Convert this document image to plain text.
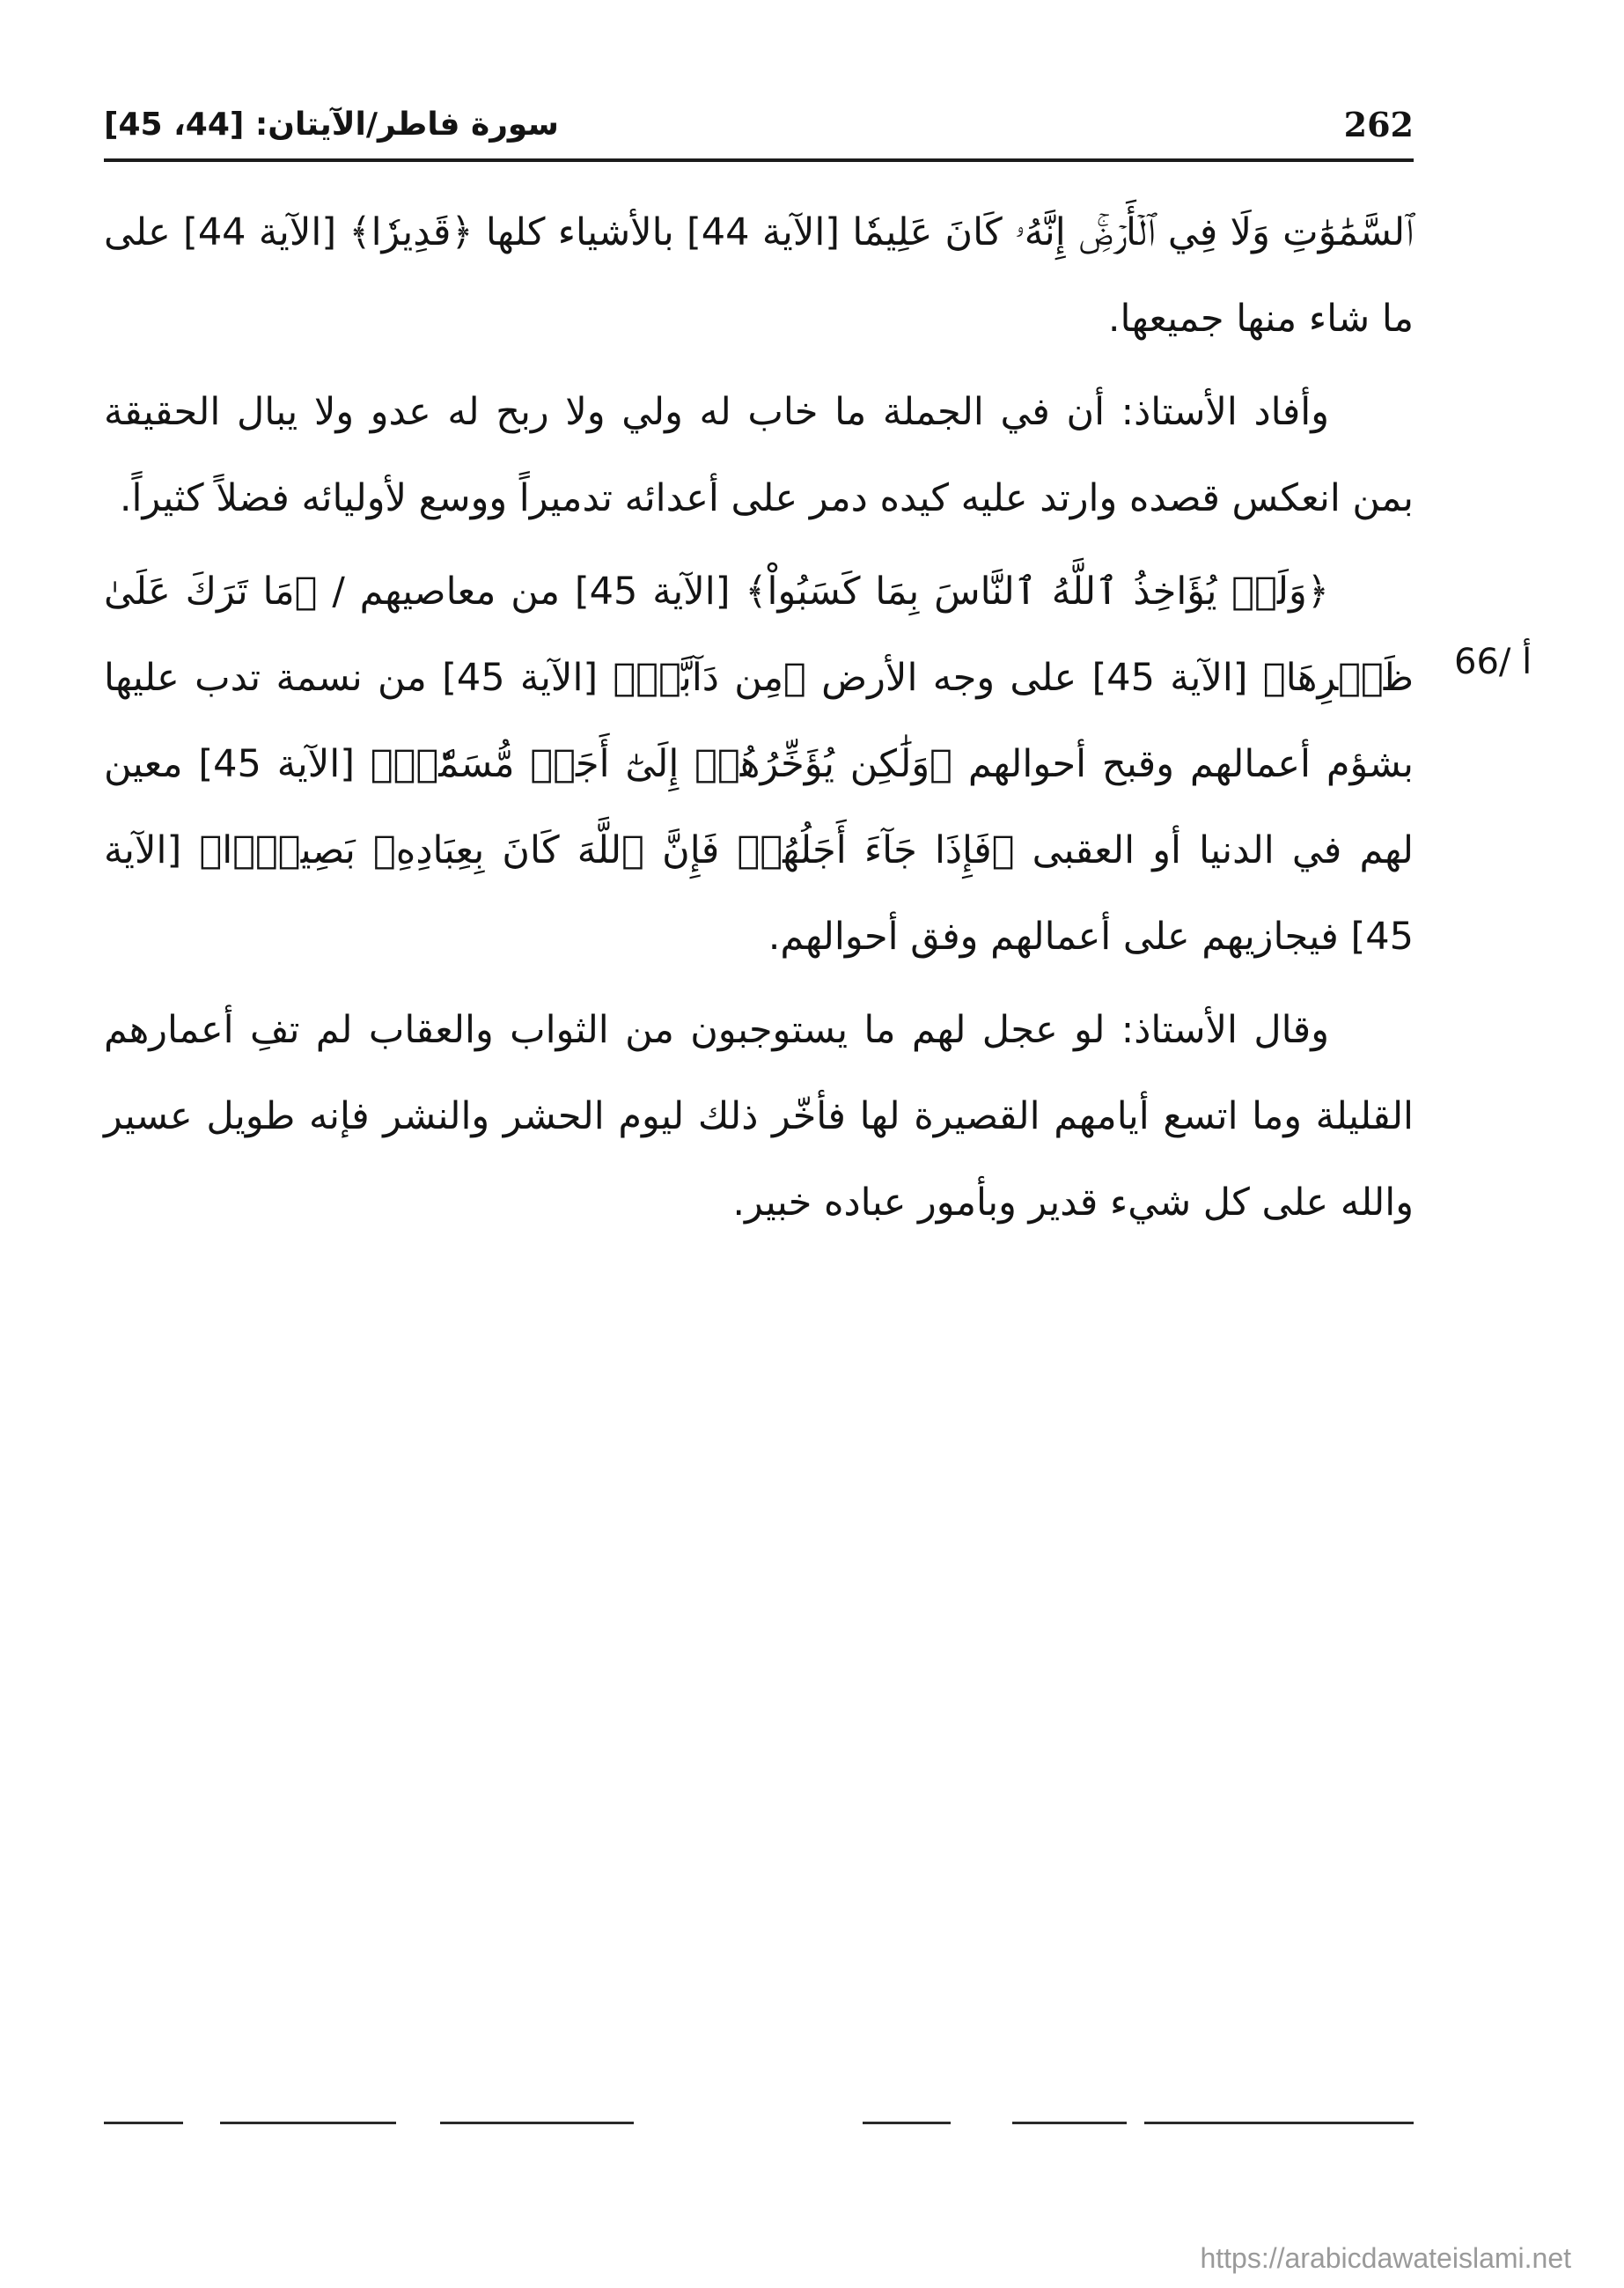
262
سورة فاطر/الآيتان: [44، 45]
66/ أ

ٱلسَّمَٰوَٰتِ وَلَا فِي ٱلۡأَرۡضِۚ إِنَّهُۥ كَانَ عَلِيمٗا [الآية 44] بالأشياء كلها ﴿قَدِيرٗا﴾ [الآية 44] على ما شاء منها جميعها.

وأفاد الأستاذ: أن في الجملة ما خاب له ولي ولا ربح له عدو ولا يبال الحقيقة بمن انعكس قصده وارتد عليه كيده دمر على أعدائه تدميراً ووسع لأوليائه فضلاً كثيراً.

﴿وَلَوۡ يُؤَاخِذُ ٱللَّهُ ٱلنَّاسَ بِمَا كَسَبُواْ﴾ [الآية 45] من معاصيهم / ﴿مَا تَرَكَ عَلَىٰ ظَهۡرِهَا﴾ [الآية 45] على وجه الأرض ﴿مِن دَآبَّةٖ﴾ [الآية 45] من نسمة تدب عليها بشؤم أعمالهم وقبح أحوالهم ﴿وَلَٰكِن يُؤَخِّرُهُمۡ إِلَىٰٓ أَجَلٖ مُّسَمّٗىۖ﴾ [الآية 45] معين لهم في الدنيا أو العقبى ﴿فَإِذَا جَآءَ أَجَلُهُمۡ فَإِنَّ ٱللَّهَ كَانَ بِعِبَادِهِۦ بَصِيرَۢا﴾ [الآية 45] فيجازيهم على أعمالهم وفق أحوالهم.

وقال الأستاذ: لو عجل لهم ما يستوجبون من الثواب والعقاب لم تفِ أعمارهم القليلة وما اتسع أيامهم القصيرة لها فأخّر ذلك ليوم الحشر والنشر فإنه طويل عسير والله على كل شيء قدير وبأمور عباده خبير.

https://arabicdawateislami.net
